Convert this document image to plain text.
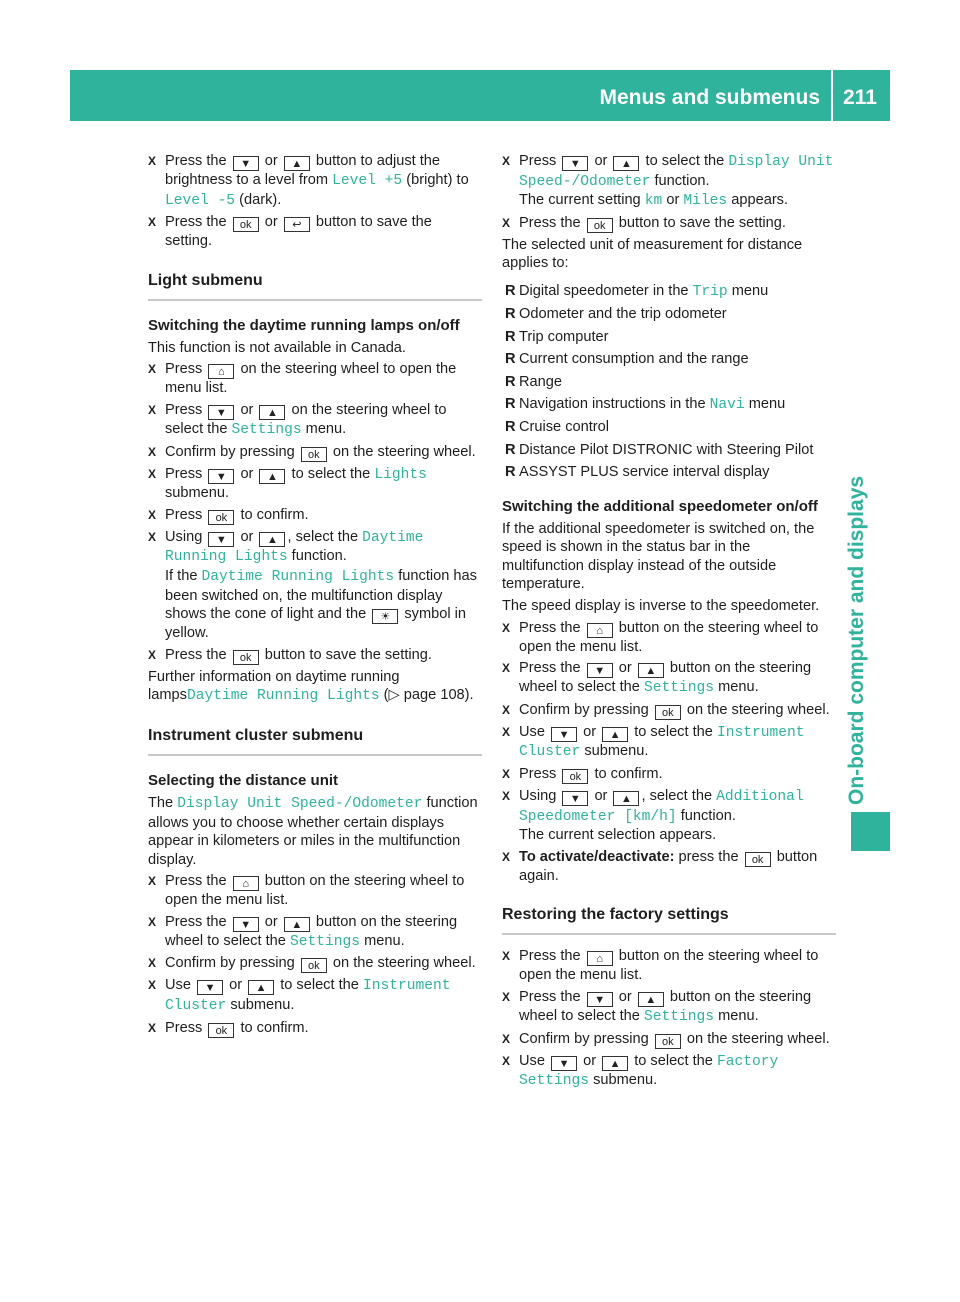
Menus and submenus 211
On-board computer and displays
X Press the ▼ or ▲ button to adjust the brightness to a level from Level +5 (bright) to Level -5 (dark).
X Press the ok or ↩ button to save the setting.
Light submenu
Switching the daytime running lamps on/off

This function is not available in Canada.

X Press ⌂ on the steering wheel to open the menu list.
X Press ▼ or ▲ on the steering wheel to select the Settings menu.
X Confirm by pressing ok on the steering wheel.
X Press ▼ or ▲ to select the Lights submenu.
X Press ok to confirm.
X Using ▼ or ▲ , select the Daytime Running Lights function.
If the Daytime Running Lights function has been switched on, the multifunction display shows the cone of light and the ☀ symbol in yellow.
X Press the ok button to save the setting.

Further information on daytime running lampsDaytime Running Lights (▷ page 108).

Instrument cluster submenu
Selecting the distance unit

The Display Unit Speed-/Odometer function allows you to choose whether certain displays appear in kilometers or miles in the multifunction display.

X Press the ⌂ button on the steering wheel to open the menu list.
X Press the ▼ or ▲ button on the steering wheel to select the Settings menu.
X Confirm by pressing ok on the steering wheel.
X Use ▼ or ▲ to select the Instrument Cluster submenu.
X Press ok to confirm.
X Press ▼ or ▲ to select the Display Unit Speed-/Odometer function.
The current setting km or Miles appears.
X Press the ok button to save the setting.

The selected unit of measurement for distance applies to:

R Digital speedometer in the Trip menu
R Odometer and the trip odometer
R Trip computer
R Current consumption and the range
R Range
R Navigation instructions in the Navi menu
R Cruise control
R Distance Pilot DISTRONIC with Steering Pilot
R ASSYST PLUS service interval display
Switching the additional speedometer on/off

If the additional speedometer is switched on, the speed is shown in the status bar in the multifunction display instead of the outside temperature.

The speed display is inverse to the speedometer.

X Press the ⌂ button on the steering wheel to open the menu list.
X Press the ▼ or ▲ button on the steering wheel to select the Settings menu.
X Confirm by pressing ok on the steering wheel.
X Use ▼ or ▲ to select the Instrument Cluster submenu.
X Press ok to confirm.
X Using ▼ or ▲ , select the Additional Speedometer [km/h] function.
The current selection appears.
X To activate/deactivate: press the ok button again.
Restoring the factory settings
X Press the ⌂ button on the steering wheel to open the menu list.
X Press the ▼ or ▲ button on the steering wheel to select the Settings menu.
X Confirm by pressing ok on the steering wheel.
X Use ▼ or ▲ to select the Factory Settings submenu.
